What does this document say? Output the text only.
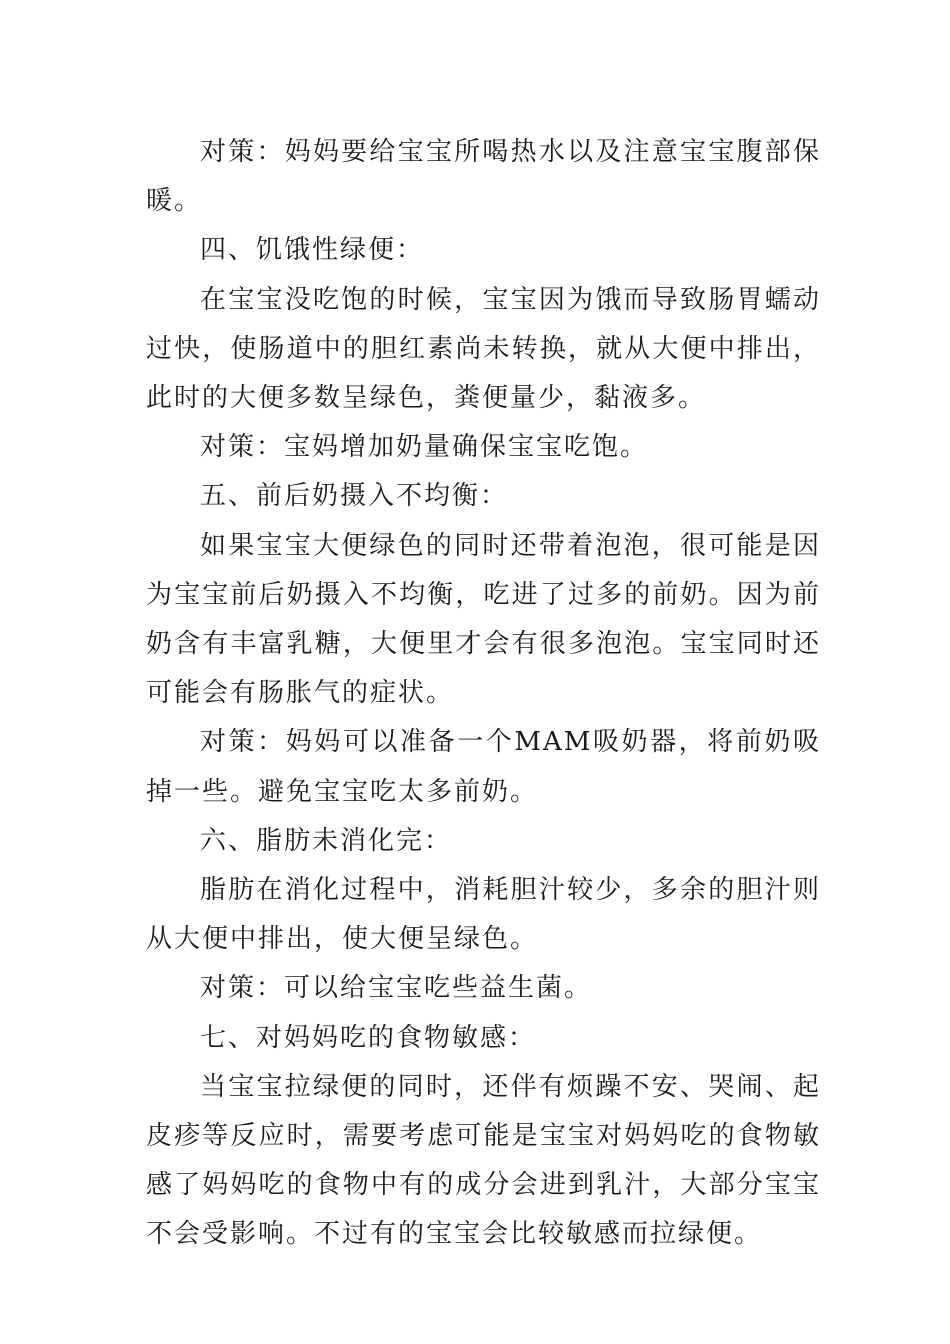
对策：妈妈要给宝宝所喝热水以及注意宝宝腹部保暖。

四、饥饿性绿便：

在宝宝没吃饱的时候，宝宝因为饿而导致肠胃蠕动过快，使肠道中的胆红素尚未转换，就从大便中排出，此时的大便多数呈绿色，粪便量少，黏液多。

对策：宝妈增加奶量确保宝宝吃饱。

五、前后奶摄入不均衡：

如果宝宝大便绿色的同时还带着泡泡，很可能是因为宝宝前后奶摄入不均衡，吃进了过多的前奶。因为前奶含有丰富乳糖，大便里才会有很多泡泡。宝宝同时还可能会有肠胀气的症状。

对策：妈妈可以准备一个MAM吸奶器，将前奶吸掉一些。避免宝宝吃太多前奶。

六、脂肪未消化完：

脂肪在消化过程中，消耗胆汁较少，多余的胆汁则从大便中排出，使大便呈绿色。

对策：可以给宝宝吃些益生菌。

七、对妈妈吃的食物敏感：

当宝宝拉绿便的同时，还伴有烦躁不安、哭闹、起皮疹等反应时，需要考虑可能是宝宝对妈妈吃的食物敏感了妈妈吃的食物中有的成分会进到乳汁，大部分宝宝不会受影响。不过有的宝宝会比较敏感而拉绿便。
